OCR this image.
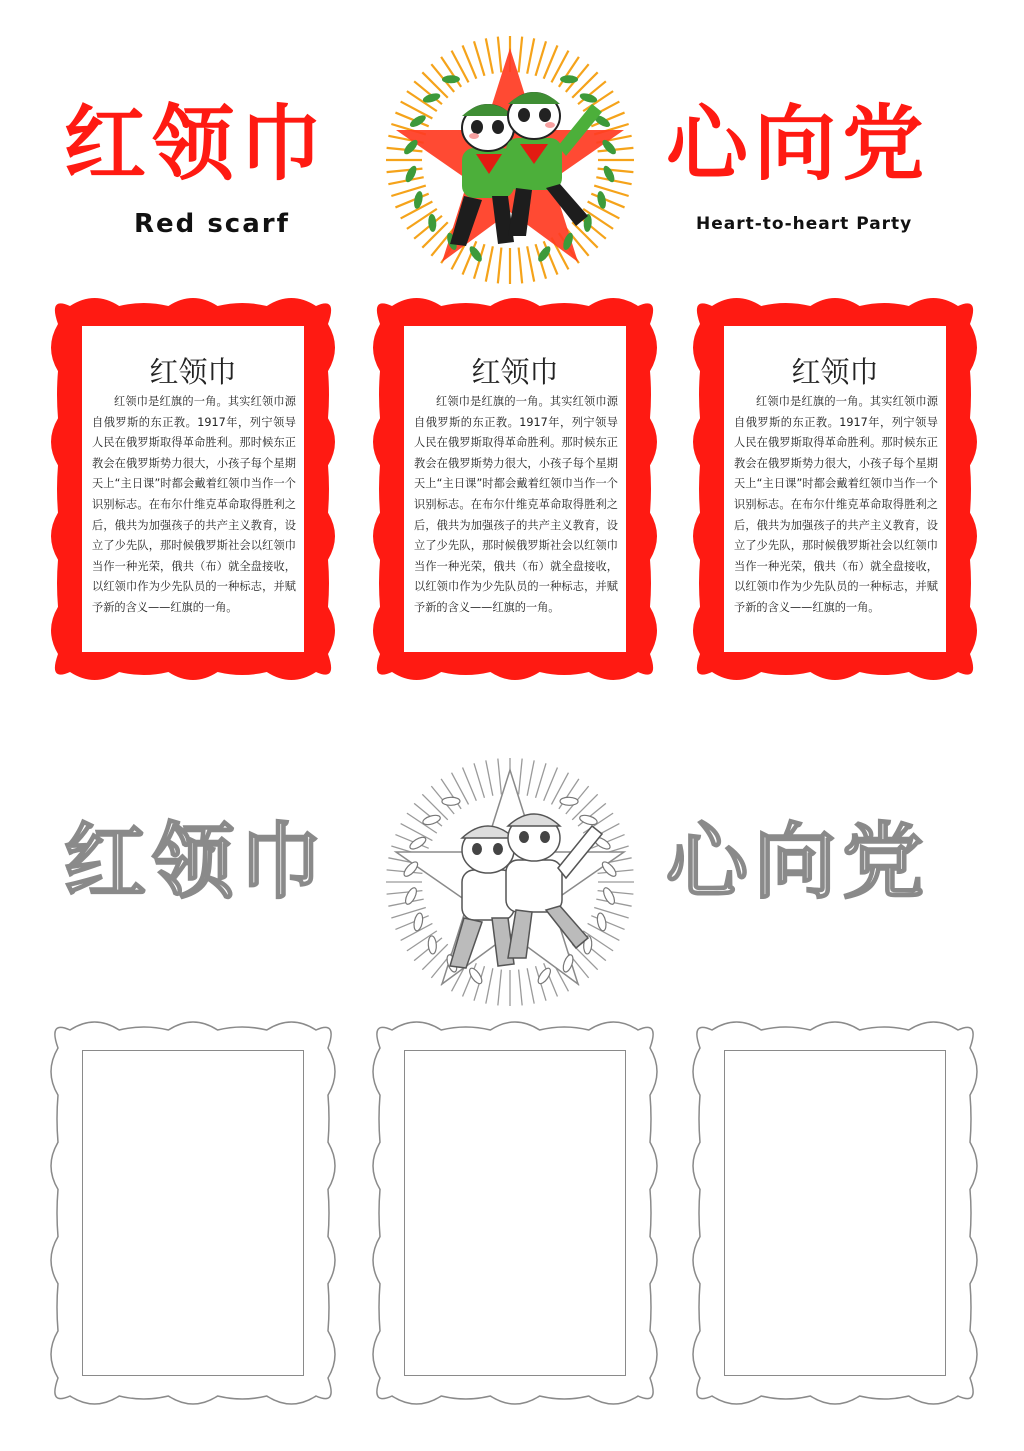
红领巾
Red scarf
心向党
Heart-to-heart Party
红领巾

红领巾是红旗的一角。其实红领巾源自俄罗斯的东正教。1917年，列宁领导人民在俄罗斯取得革命胜利。那时候东正教会在俄罗斯势力很大，小孩子每个星期天上“主日课”时都会戴着红领巾当作一个识别标志。在布尔什维克革命取得胜利之后，俄共为加强孩子的共产主义教育，设立了少先队，那时候俄罗斯社会以红领巾当作一种光荣，俄共（布）就全盘接收，以红领巾作为少先队员的一种标志，并赋予新的含义——红旗的一角。

红领巾

红领巾是红旗的一角。其实红领巾源自俄罗斯的东正教。1917年，列宁领导人民在俄罗斯取得革命胜利。那时候东正教会在俄罗斯势力很大，小孩子每个星期天上“主日课”时都会戴着红领巾当作一个识别标志。在布尔什维克革命取得胜利之后，俄共为加强孩子的共产主义教育，设立了少先队，那时候俄罗斯社会以红领巾当作一种光荣，俄共（布）就全盘接收，以红领巾作为少先队员的一种标志，并赋予新的含义——红旗的一角。

红领巾

红领巾是红旗的一角。其实红领巾源自俄罗斯的东正教。1917年，列宁领导人民在俄罗斯取得革命胜利。那时候东正教会在俄罗斯势力很大，小孩子每个星期天上“主日课”时都会戴着红领巾当作一个识别标志。在布尔什维克革命取得胜利之后，俄共为加强孩子的共产主义教育，设立了少先队，那时候俄罗斯社会以红领巾当作一种光荣，俄共（布）就全盘接收，以红领巾作为少先队员的一种标志，并赋予新的含义——红旗的一角。

红领巾	心向党
